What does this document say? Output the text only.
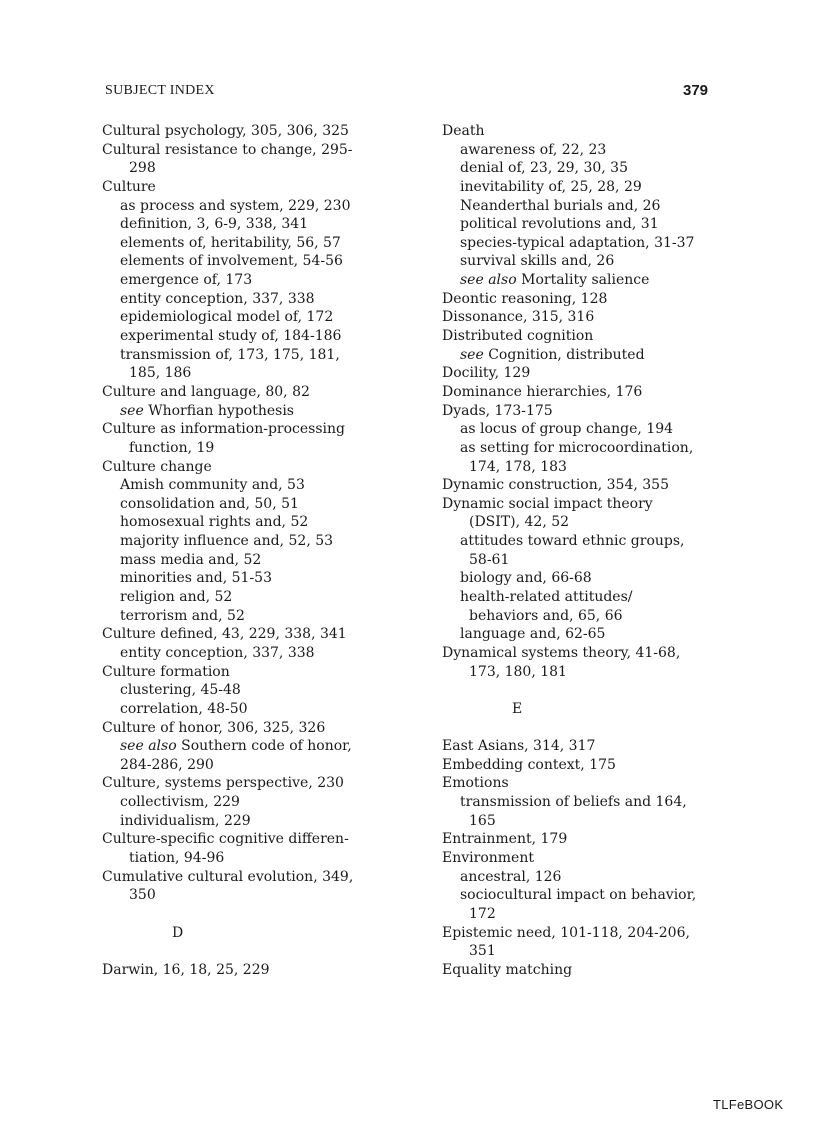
SUBJECT INDEX	379
Cultural psychology, 305, 306, 325
Cultural resistance to change, 295-
298
Culture
as process and system, 229, 230
definition, 3, 6-9, 338, 341
elements of, heritability, 56, 57
elements of involvement, 54-56
emergence of, 173
entity conception, 337, 338
epidemiological model of, 172
experimental study of, 184-186
transmission of, 173, 175, 181,
185, 186
Culture and language, 80, 82
see Whorfian hypothesis
Culture as information-processing
function, 19
Culture change
Amish community and, 53
consolidation and, 50, 51
homosexual rights and, 52
majority influence and, 52, 53
mass media and, 52
minorities and, 51-53
religion and, 52
terrorism and, 52
Culture defined, 43, 229, 338, 341
entity conception, 337, 338
Culture formation
clustering, 45-48
correlation, 48-50
Culture of honor, 306, 325, 326
see also Southern code of honor,
284-286, 290
Culture, systems perspective, 230
collectivism, 229
individualism, 229
Culture-specific cognitive differen-
tiation, 94-96
Cumulative cultural evolution, 349,
350
D
Darwin, 16, 18, 25, 229
Death
awareness of, 22, 23
denial of, 23, 29, 30, 35
inevitability of, 25, 28, 29
Neanderthal burials and, 26
political revolutions and, 31
species-typical adaptation, 31-37
survival skills and, 26
see also Mortality salience
Deontic reasoning, 128
Dissonance, 315, 316
Distributed cognition
see Cognition, distributed
Docility, 129
Dominance hierarchies, 176
Dyads, 173-175
as locus of group change, 194
as setting for microcoordination,
174, 178, 183
Dynamic construction, 354, 355
Dynamic social impact theory
(DSIT), 42, 52
attitudes toward ethnic groups,
58-61
biology and, 66-68
health-related attitudes/
behaviors and, 65, 66
language and, 62-65
Dynamical systems theory, 41-68,
173, 180, 181
E
East Asians, 314, 317
Embedding context, 175
Emotions
transmission of beliefs and 164,
165
Entrainment, 179
Environment
ancestral, 126
sociocultural impact on behavior,
172
Epistemic need, 101-118, 204-206,
351
Equality matching
TLFeBOOK
